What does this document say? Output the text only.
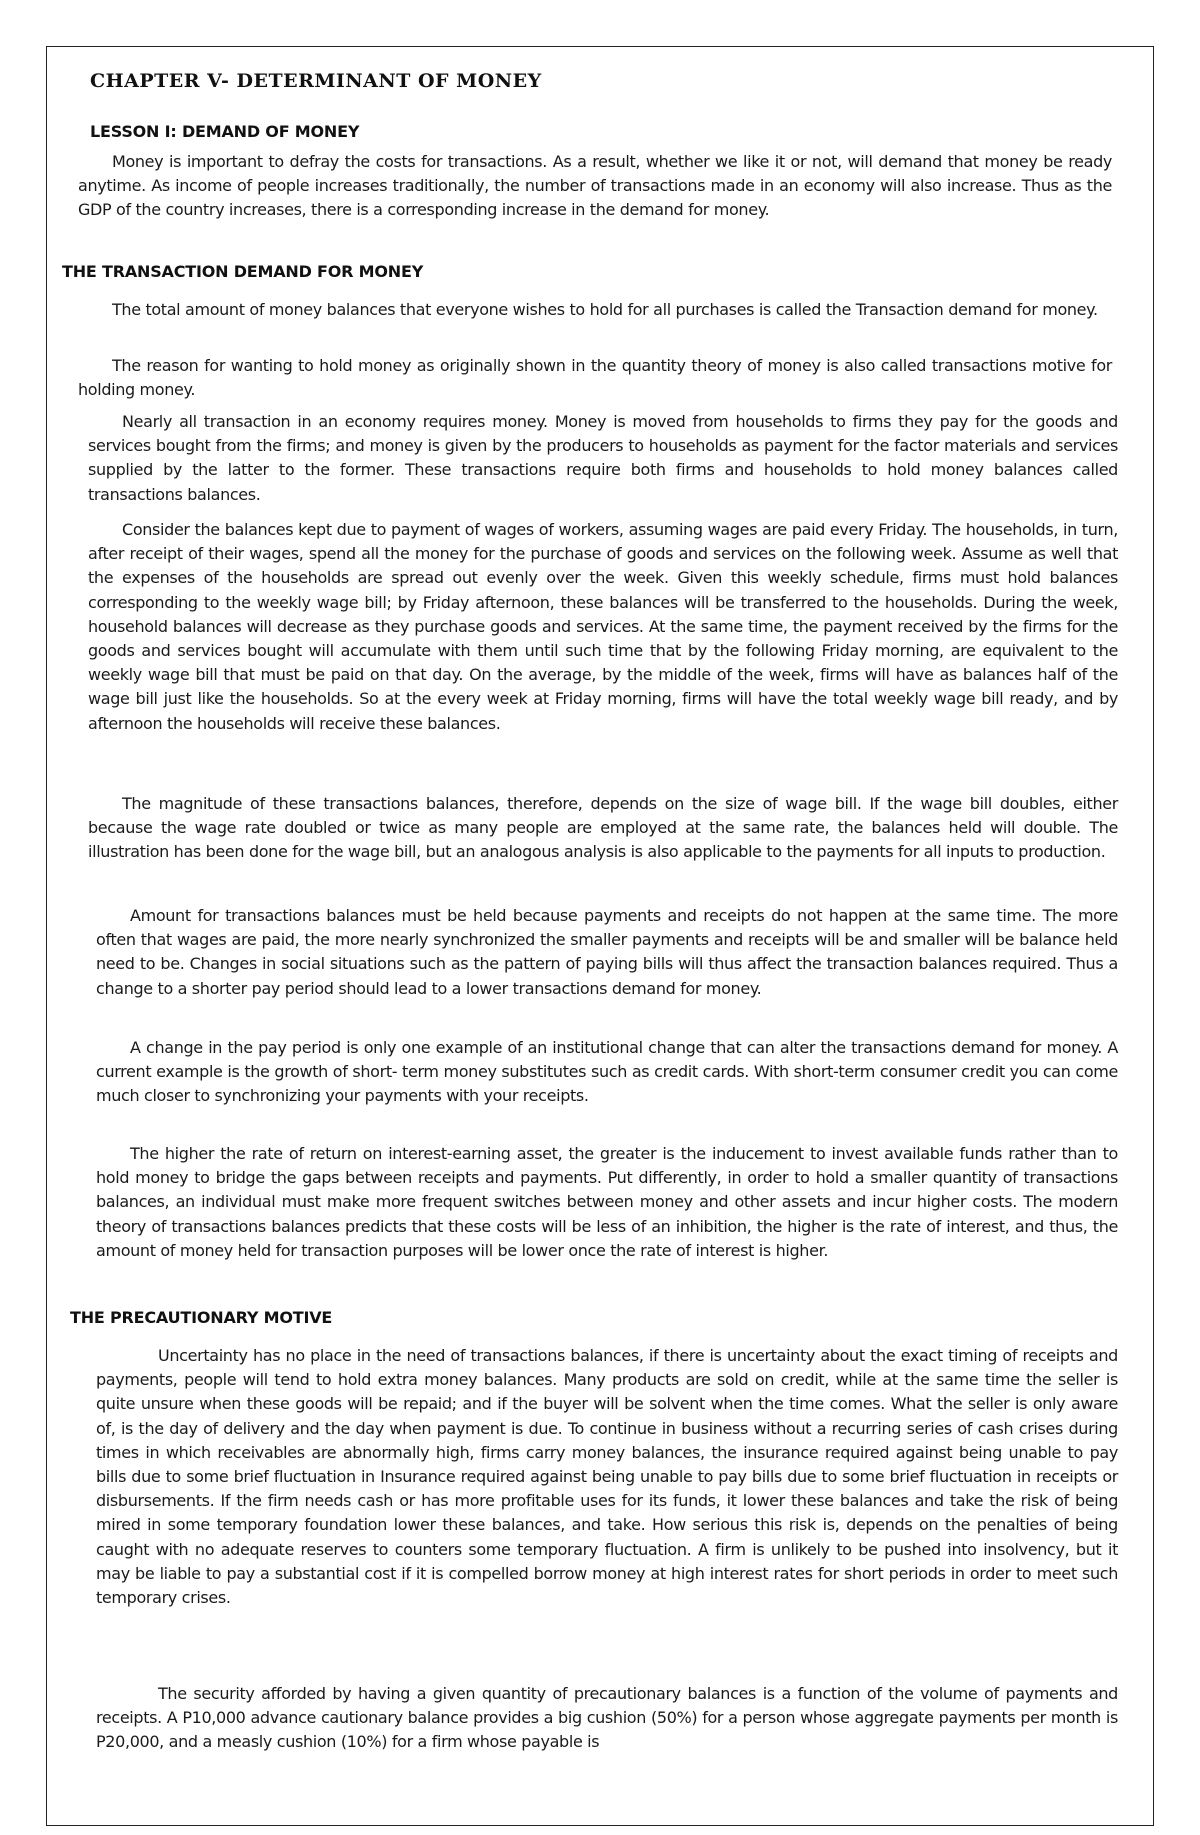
CHAPTER V- DETERMINANT OF MONEY
LESSON I: DEMAND OF MONEY

Money is important to defray the costs for transactions. As a result, whether we like it or not, will demand that money be ready anytime. As income of people increases traditionally, the number of transactions made in an economy will also increase. Thus as the GDP of the country increases, there is a corresponding increase in the demand for money.

THE TRANSACTION DEMAND FOR MONEY

The total amount of money balances that everyone wishes to hold for all purchases is called the Transaction demand for money.

The reason for wanting to hold money as originally shown in the quantity theory of money is also called transactions motive for holding money.

Nearly all transaction in an economy requires money. Money is moved from households to firms they pay for the goods and services bought from the firms; and money is given by the producers to households as payment for the factor materials and services supplied by the latter to the former. These transactions require both firms and households to hold money balances called transactions balances.

Consider the balances kept due to payment of wages of workers, assuming wages are paid every Friday. The households, in turn, after receipt of their wages, spend all the money for the purchase of goods and services on the following week. Assume as well that the expenses of the households are spread out evenly over the week. Given this weekly schedule, firms must hold balances corresponding to the weekly wage bill; by Friday afternoon, these balances will be transferred to the households. During the week, household balances will decrease as they purchase goods and services. At the same time, the payment received by the firms for the goods and services bought will accumulate with them until such time that by the following Friday morning, are equivalent to the weekly wage bill that must be paid on that day. On the average, by the middle of the week, firms will have as balances half of the wage bill just like the households. So at the every week at Friday morning, firms will have the total weekly wage bill ready, and by afternoon the households will receive these balances.

The magnitude of these transactions balances, therefore, depends on the size of wage bill. If the wage bill doubles, either because the wage rate doubled or twice as many people are employed at the same rate, the balances held will double. The illustration has been done for the wage bill, but an analogous analysis is also applicable to the payments for all inputs to production.

Amount for transactions balances must be held because payments and receipts do not happen at the same time. The more often that wages are paid, the more nearly synchronized the smaller payments and receipts will be and smaller will be balance held need to be. Changes in social situations such as the pattern of paying bills will thus affect the transaction balances required. Thus a change to a shorter pay period should lead to a lower transactions demand for money.

A change in the pay period is only one example of an institutional change that can alter the transactions demand for money. A current example is the growth of short- term money substitutes such as credit cards. With short-term consumer credit you can come much closer to synchronizing your payments with your receipts.

The higher the rate of return on interest-earning asset, the greater is the inducement to invest available funds rather than to hold money to bridge the gaps between receipts and payments. Put differently, in order to hold a smaller quantity of transactions balances, an individual must make more frequent switches between money and other assets and incur higher costs. The modern theory of transactions balances predicts that these costs will be less of an inhibition, the higher is the rate of interest, and thus, the amount of money held for transaction purposes will be lower once the rate of interest is higher.

THE PRECAUTIONARY MOTIVE

Uncertainty has no place in the need of transactions balances, if there is uncertainty about the exact timing of receipts and payments, people will tend to hold extra money balances. Many products are sold on credit, while at the same time the seller is quite unsure when these goods will be repaid; and if the buyer will be solvent when the time comes. What the seller is only aware of, is the day of delivery and the day when payment is due. To continue in business without a recurring series of cash crises during times in which receivables are abnormally high, firms carry money balances, the insurance required against being unable to pay bills due to some brief fluctuation in Insurance required against being unable to pay bills due to some brief fluctuation in receipts or disbursements. If the firm needs cash or has more profitable uses for its funds, it lower these balances and take the risk of being mired in some temporary foundation lower these balances, and take. How serious this risk is, depends on the penalties of being caught with no adequate reserves to counters some temporary fluctuation. A firm is unlikely to be pushed into insolvency, but it may be liable to pay a substantial cost if it is compelled borrow money at high interest rates for short periods in order to meet such temporary crises.

The security afforded by having a given quantity of precautionary balances is a function of the volume of payments and receipts. A P10,000 advance cautionary balance provides a big cushion (50%) for a person whose aggregate payments per month is P20,000, and a measly cushion (10%) for a firm whose payable is
